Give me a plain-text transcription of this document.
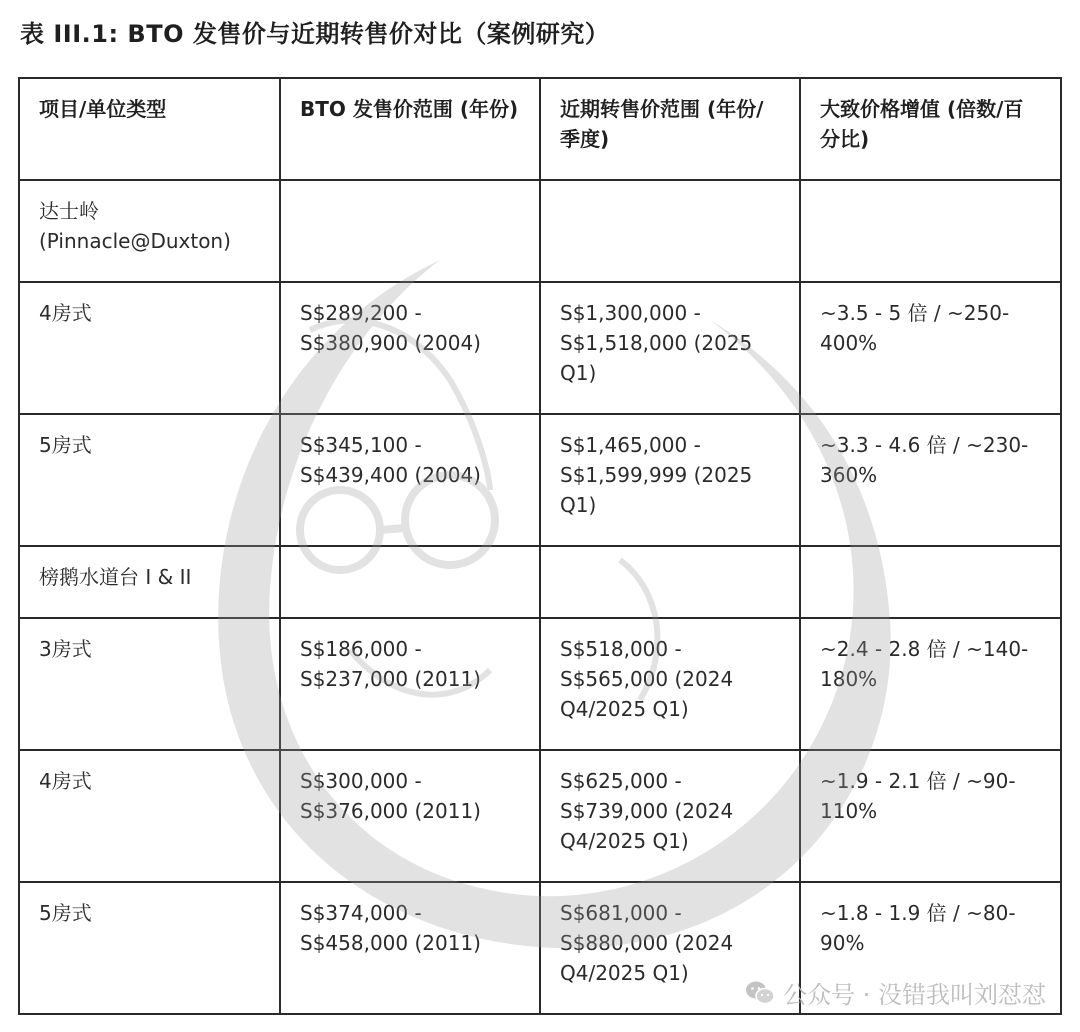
表 III.1: BTO 发售价与近期转售价对比（案例研究）
项目/单位类型	BTO 发售价范围 (年份)	近期转售价范围 (年份/季度)	大致价格增值 (倍数/百分比)
达士岭 (Pinnacle@Duxton)			
4房式	S$289,200 - S$380,900 (2004)	S$1,300,000 - S$1,518,000 (2025 Q1)	~3.5 - 5 倍 / ~250-400%
5房式	S$345,100 - S$439,400 (2004)	S$1,465,000 - S$1,599,999 (2025 Q1)	~3.3 - 4.6 倍 / ~230-360%
榜鹅水道台 I & II			
3房式	S$186,000 - S$237,000 (2011)	S$518,000 - S$565,000 (2024 Q4/2025 Q1)	~2.4 - 2.8 倍 / ~140-180%
4房式	S$300,000 - S$376,000 (2011)	S$625,000 - S$739,000 (2024 Q4/2025 Q1)	~1.9 - 2.1 倍 / ~90-110%
5房式	S$374,000 - S$458,000 (2011)	S$681,000 - S$880,000 (2024 Q4/2025 Q1)	~1.8 - 1.9 倍 / ~80-90%
公众号 · 没错我叫刘怼怼
